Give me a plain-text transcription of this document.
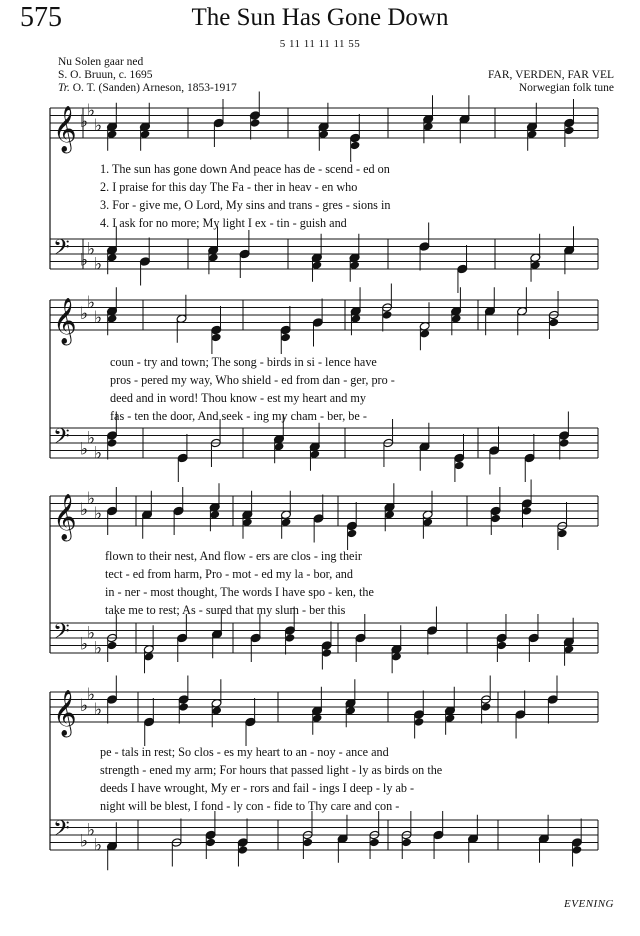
575	The Sun Has Gone Down
5 11 11 11 11 55
Nu Solen gaar ned
S. O. Bruun, c. 1695
Tr. O. T. (Sanden) Arneson, 1853-1917
FAR, VERDEN, FAR VEL
Norwegian folk tune
𝄞 ♭
♭
♭
𝄢 ♭
♭
♭
𝄞 ♭
♭
♭
𝄢 ♭
♭
♭
𝄞 ♭
♭
♭
𝄢 ♭
♭
♭
𝄞 ♭
♭
♭
𝄢 ♭
♭
♭
1. The sun has gone down And peace has de - scend - ed on
2. I praise for this day The Fa - ther in heav - en who
3. For - give me, O Lord, My sins and trans - gres - sions in
4. I ask for no more; My light I ex - tin - guish and
coun - try and town; The song - birds in si - lence have
pros - pered my way, Who shield - ed from dan - ger, pro -
deed and in word! Thou know - est my heart and my
fas - ten the door, And seek - ing my cham - ber, be -
flown to their nest, And flow - ers are clos - ing their
tect - ed from harm, Pro - mot - ed my la - bor, and
in - ner - most thought, The words I have spo - ken, the
take me to rest; As - sured that my slum - ber this
pe - tals in rest; So clos - es my heart to an - noy - ance and
strength - ened my arm; For hours that passed light - ly as birds on the
deeds I have wrought, My er - rors and fail - ings I deep - ly ab -
night will be blest, I fond - ly con - fide to Thy care and con -
EVENING
